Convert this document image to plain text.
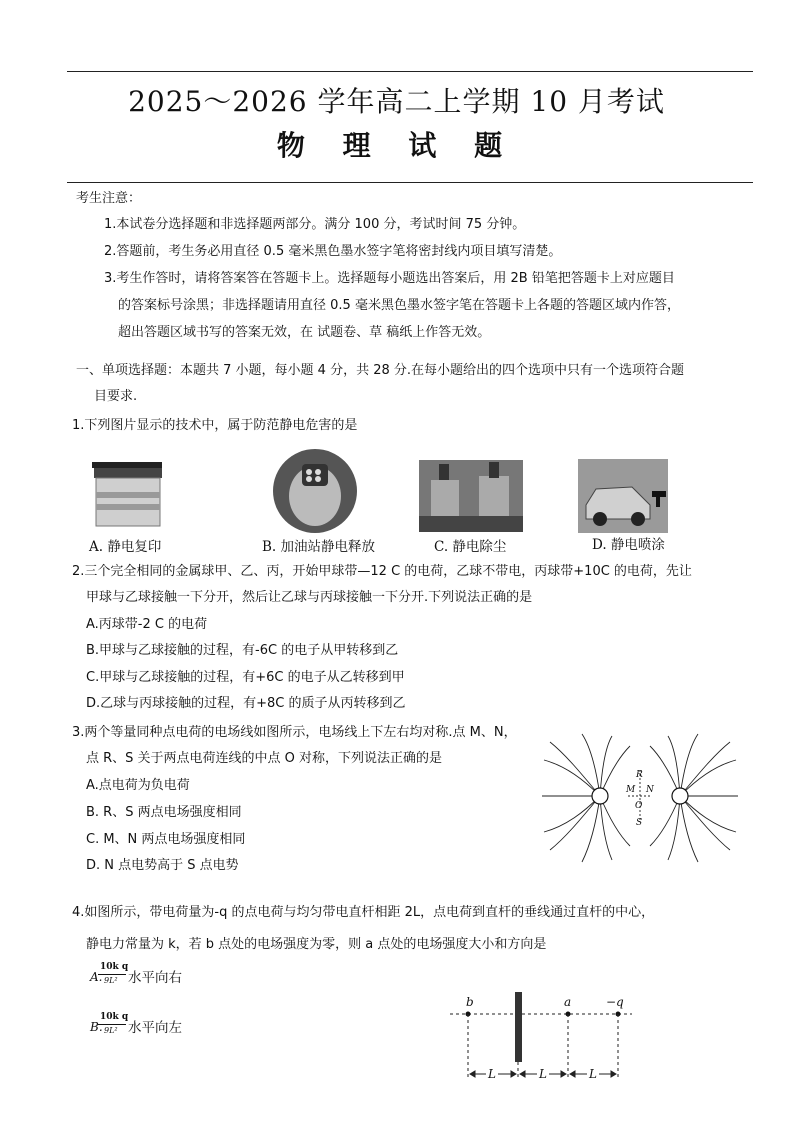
2025～2026 学年高二上学期 10 月考试
物 理 试 题
考生注意：
1.本试卷分选择题和非选择题两部分。满分 100 分，考试时间 75 分钟。
2.答题前，考生务必用直径 0.5 毫米黑色墨水签字笔将密封线内项目填写清楚。
3.考生作答时，请将答案答在答题卡上。选择题每小题选出答案后，用 2B 铅笔把答题卡上对应题目
的答案标号涂黑；非选择题请用直径 0.5 毫米黑色墨水签字笔在答题卡上各题的答题区域内作答，
超出答题区域书写的答案无效，在 试题卷、草 稿纸上作答无效。
一、单项选择题：本题共 7 小题，每小题 4 分，共 28 分.在每小题给出的四个选项中只有一个选项符合题
目要求.
1.下列图片显示的技术中，属于防范静电危害的是
A. 静电复印	B. 加油站静电释放	C. 静电除尘	D. 静电喷涂
2.三个完全相同的金属球甲、乙、丙，开始甲球带—12 C 的电荷，乙球不带电，丙球带+10C 的电荷，先让
甲球与乙球接触一下分开，然后让乙球与丙球接触一下分开.下列说法正确的是
A.丙球带-2 C 的电荷
B.甲球与乙球接触的过程，有-6C 的电子从甲转移到乙
C.甲球与乙球接触的过程，有+6C 的电子从乙转移到甲
D.乙球与丙球接触的过程，有+8C 的质子从丙转移到乙
3.两个等量同种点电荷的电场线如图所示，电场线上下左右均对称.点 M、N，
点 R、S 关于两点电荷连线的中点 O 对称，下列说法正确的是
A.点电荷为负电荷
B. R、S 两点电场强度相同
C. M、N 两点电场强度相同
D. N 点电势高于 S 点电势
R
M N
O
S
4.如图所示，带电荷量为-q 的点电荷与均匀带电直杆相距 2L，点电荷到直杆的垂线通过直杆的中心，
静电力常量为 k，若 b 点处的电场强度为零，则 a 点处的电场强度大小和方向是
A.
10k q
9L² 水平向右
B.
10k q
9L² 水平向左
b	a	−q
L	L	L
